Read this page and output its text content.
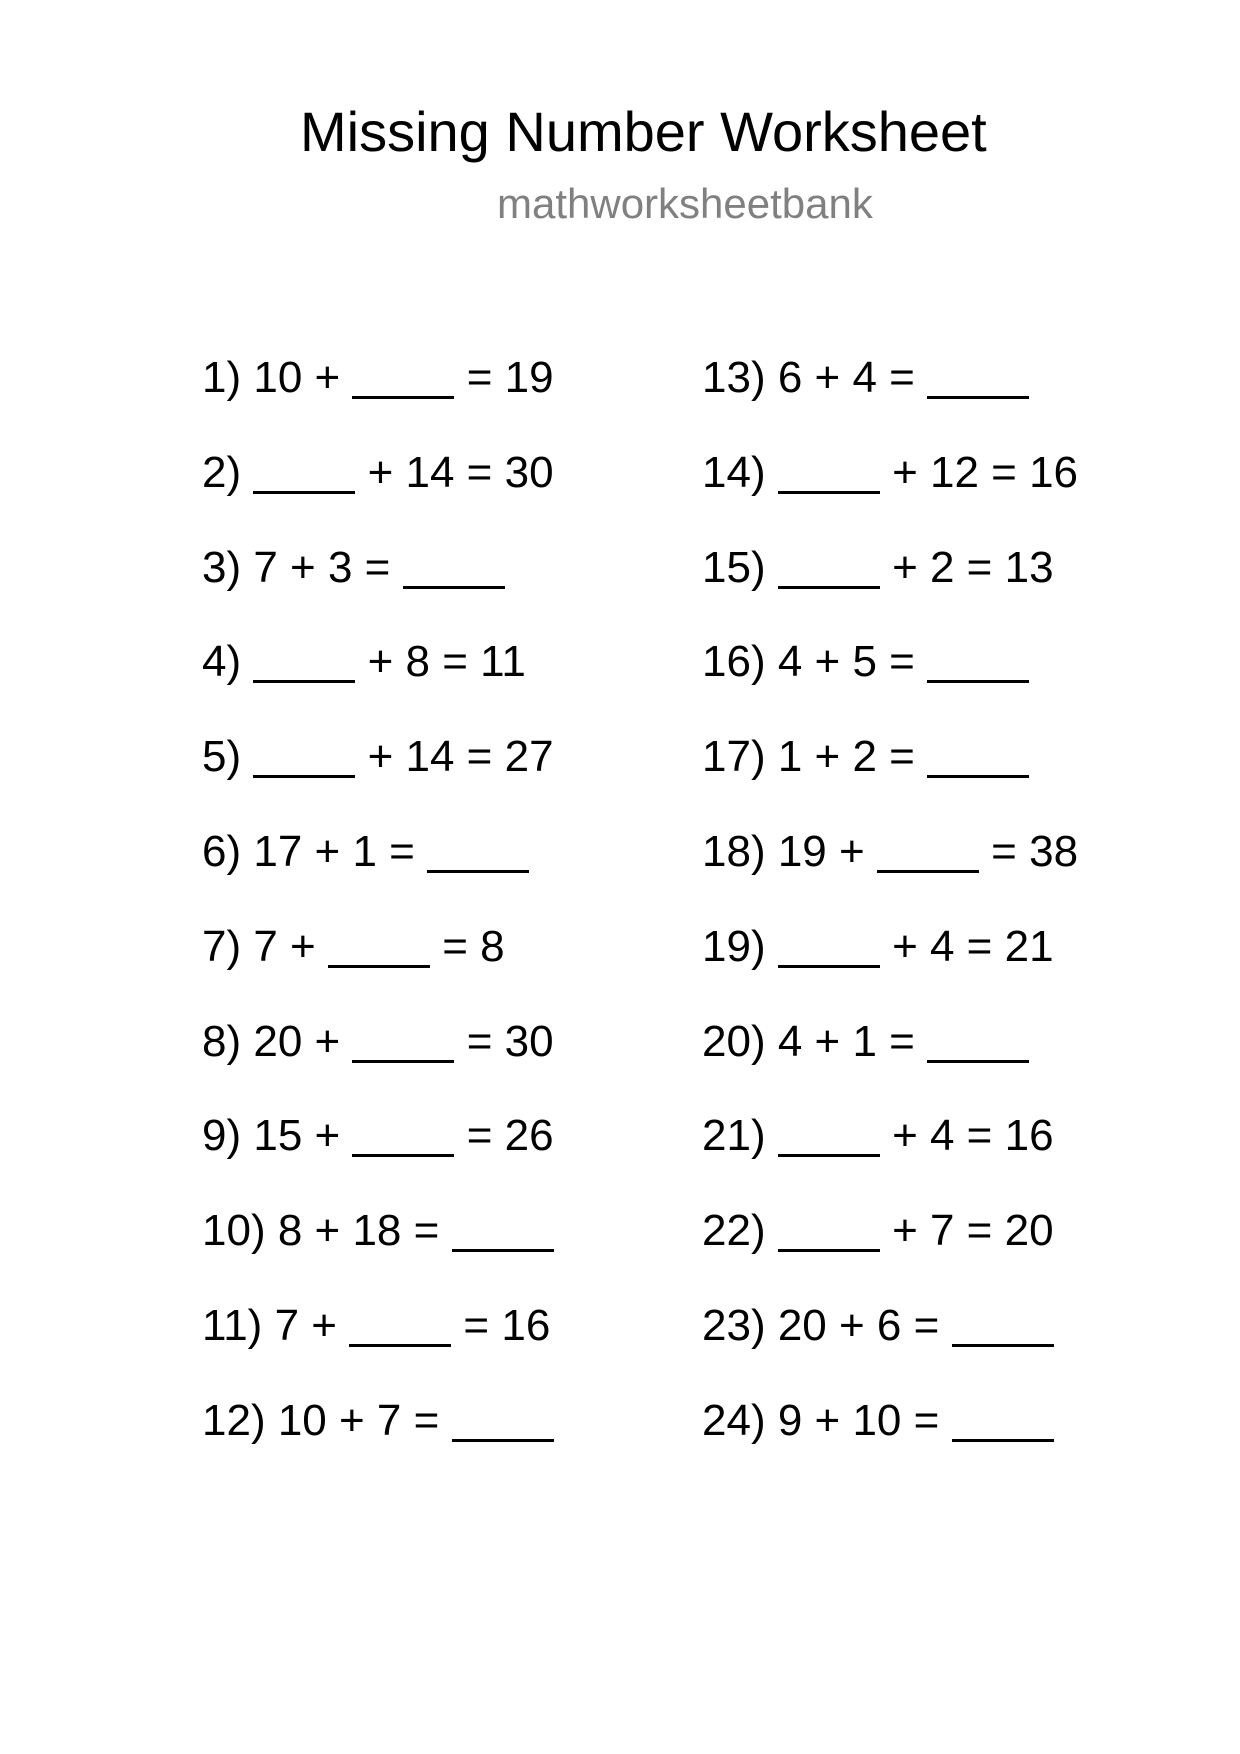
Missing Number Worksheet
mathworksheetbank
1) 10 +	= 19
2)	+ 14 = 30
3) 7 + 3 =
4)	+ 8 = 11
5)	+ 14 = 27
6) 17 + 1 =
7) 7 +	= 8
8) 20 +	= 30
9) 15 +	= 26
10) 8 + 18 =
11) 7 +	= 16
12) 10 + 7 =
13) 6 + 4 =
14)	+ 12 = 16
15)	+ 2 = 13
16) 4 + 5 =
17) 1 + 2 =
18) 19 +	= 38
19)	+ 4 = 21
20) 4 + 1 =
21)	+ 4 = 16
22)	+ 7 = 20
23) 20 + 6 =
24) 9 + 10 =
